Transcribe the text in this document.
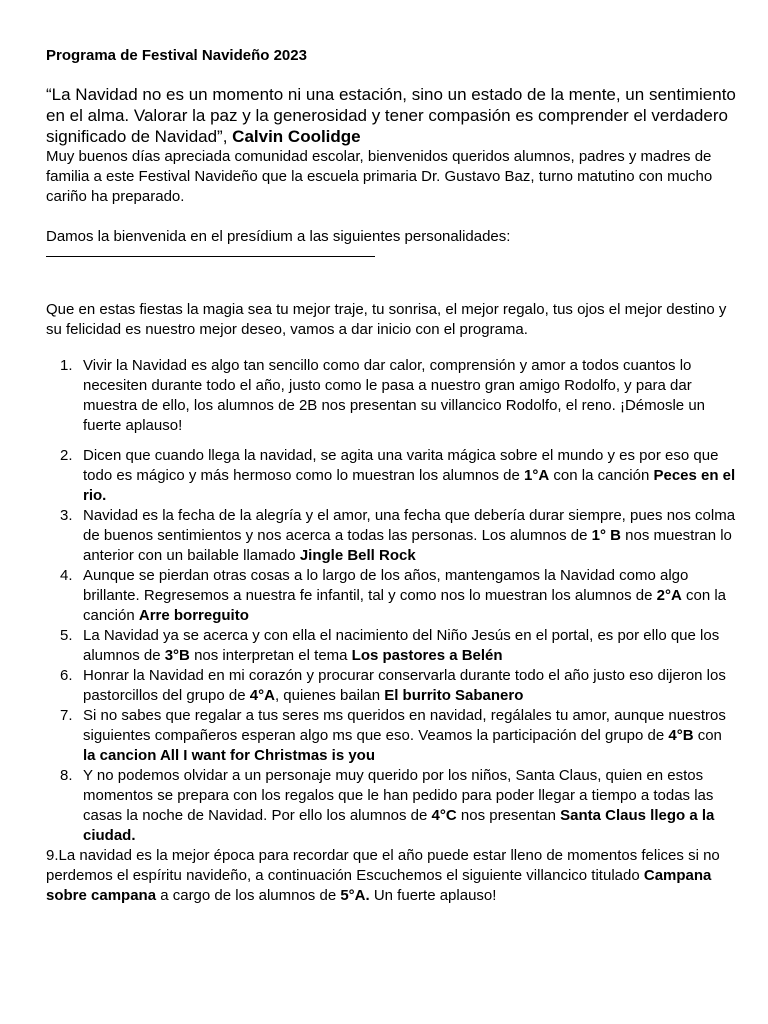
Programa de Festival Navideño 2023

“La Navidad no es un momento ni una estación, sino un estado de la mente, un sentimiento en el alma. Valorar la paz y la generosidad y tener compasión es comprender el verdadero significado de Navidad”, Calvin Coolidge

Muy buenos días apreciada comunidad escolar, bienvenidos queridos alumnos, padres y madres de familia a este Festival Navideño que la escuela primaria Dr. Gustavo Baz, turno matutino con mucho cariño ha preparado.

Damos la bienvenida en el presídium a las siguientes personalidades:

Que en estas fiestas la magia sea tu mejor traje, tu sonrisa, el mejor regalo, tus ojos el mejor destino y su felicidad es nuestro mejor deseo, vamos a dar inicio con el programa.

1. Vivir la Navidad es algo tan sencillo como dar calor, comprensión y amor a todos cuantos lo necesiten durante todo el año, justo como le pasa a nuestro gran amigo Rodolfo, y para dar muestra de ello, los alumnos de 2B nos presentan su villancico Rodolfo, el reno. ¡Démosle un fuerte aplauso!
2. Dicen que cuando llega la navidad, se agita una varita mágica sobre el mundo y es por eso que todo es mágico y más hermoso como lo muestran los alumnos de 1°A con la canción Peces en el rio.
3. Navidad es la fecha de la alegría y el amor, una fecha que debería durar siempre, pues nos colma de buenos sentimientos y nos acerca a todas las personas. Los alumnos de 1° B nos muestran lo anterior con un bailable llamado Jingle Bell Rock
4. Aunque se pierdan otras cosas a lo largo de los años, mantengamos la Navidad como algo brillante. Regresemos a nuestra fe infantil, tal y como nos lo muestran los alumnos de 2°A con la canción Arre borreguito
5. La Navidad ya se acerca y con ella el nacimiento del Niño Jesús en el portal, es por ello que los alumnos de 3°B nos interpretan el tema Los pastores a Belén
6. Honrar la Navidad en mi corazón y procurar conservarla durante todo el año justo eso dijeron los pastorcillos del grupo de 4°A, quienes bailan El burrito Sabanero
7. Si no sabes que regalar a tus seres ms queridos en navidad, regálales tu amor, aunque nuestros siguientes compañeros esperan algo ms que eso. Veamos la participación del grupo de 4°B con la cancion All I want for Christmas is you
8. Y no podemos olvidar a un personaje muy querido por los niños, Santa Claus, quien en estos momentos se prepara con los regalos que le han pedido para poder llegar a tiempo a todas las casas la noche de Navidad. Por ello los alumnos de 4°C nos presentan Santa Claus llego a la ciudad.

9.La navidad es la mejor época para recordar que el año puede estar lleno de momentos felices si no perdemos el espíritu navideño, a continuación Escuchemos el siguiente villancico titulado Campana sobre campana a cargo de los alumnos de 5°A. Un fuerte aplauso!
